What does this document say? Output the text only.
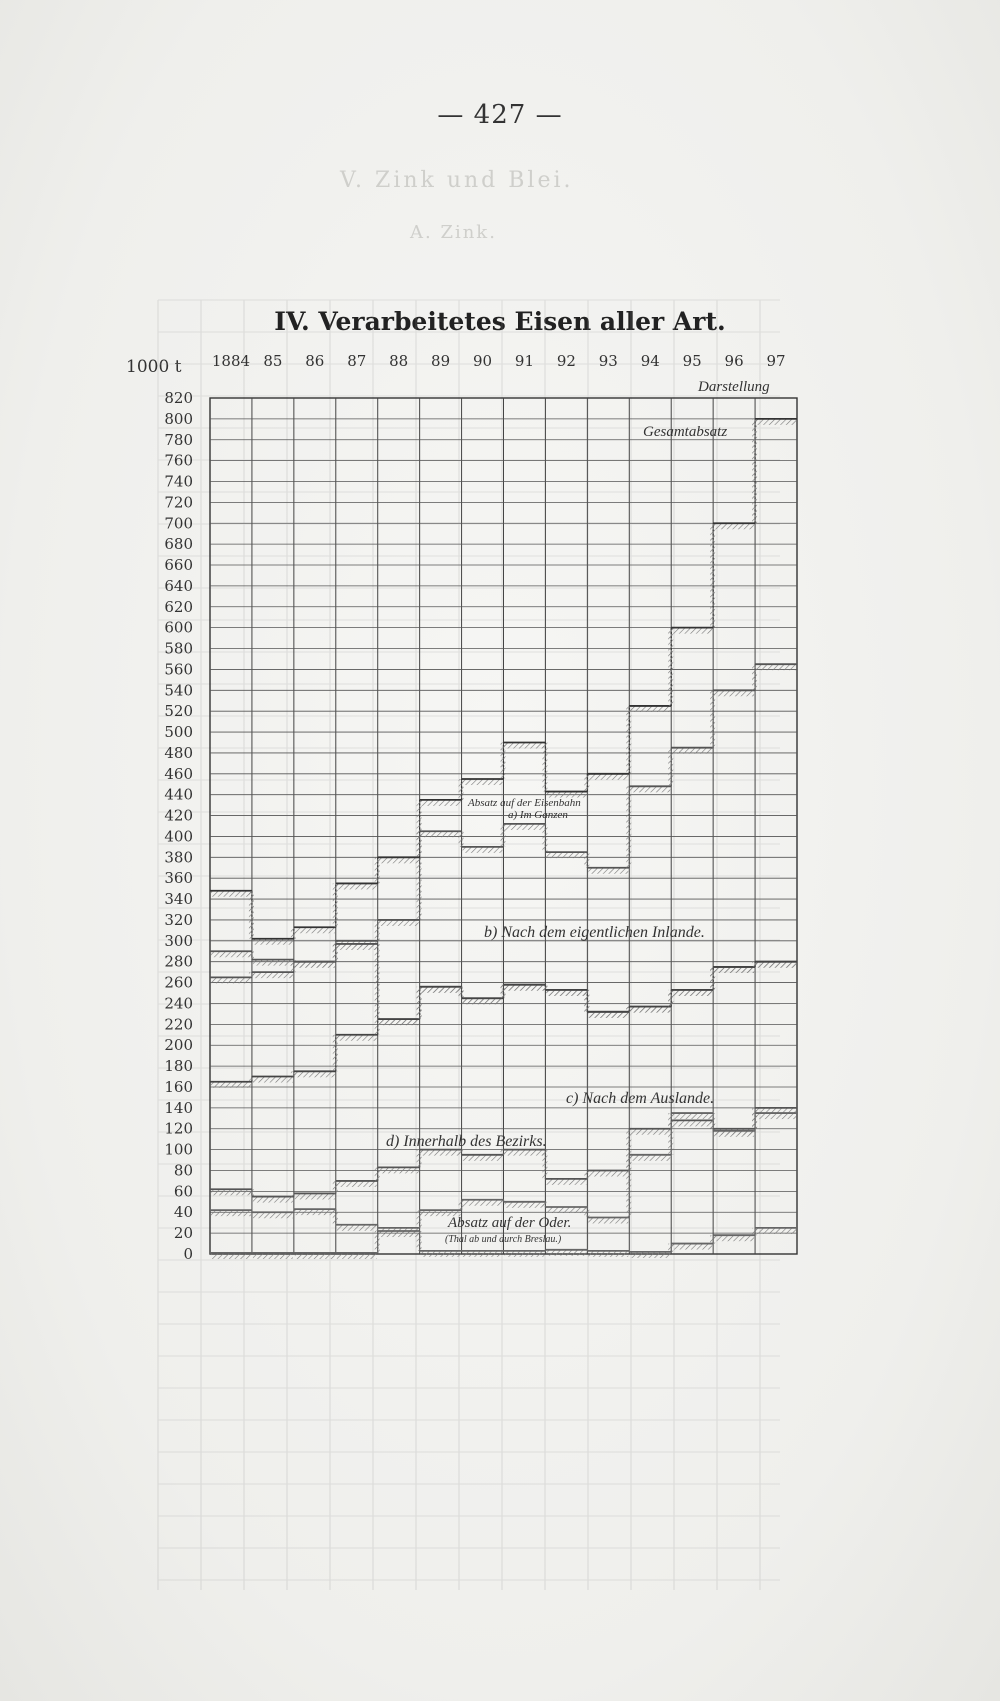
V. Zink und Blei.
A. Zink.
— 427 —
IV. Verarbeitetes Eisen aller Art.
1000 t
0
20
40
60
80
100
120
140
160
180
200
220
240
260
280
300
320
340
360
380
400
420
440
460
480
500
520
540
560
580
600
620
640
660
680
700
720
740
760
780
800
820
1884 85 86 87 88 89 90 91 92 93 94 95 96 97
Darstellung
Gesamtabsatz
Absatz auf der Eisenbahn
a) Im Ganzen
b) Nach dem eigentlichen Inlande.
c) Nach dem Auslande.
d) Innerhalb des Bezirks.
Absatz auf der Oder.
(Thal ab und durch Breslau.)
